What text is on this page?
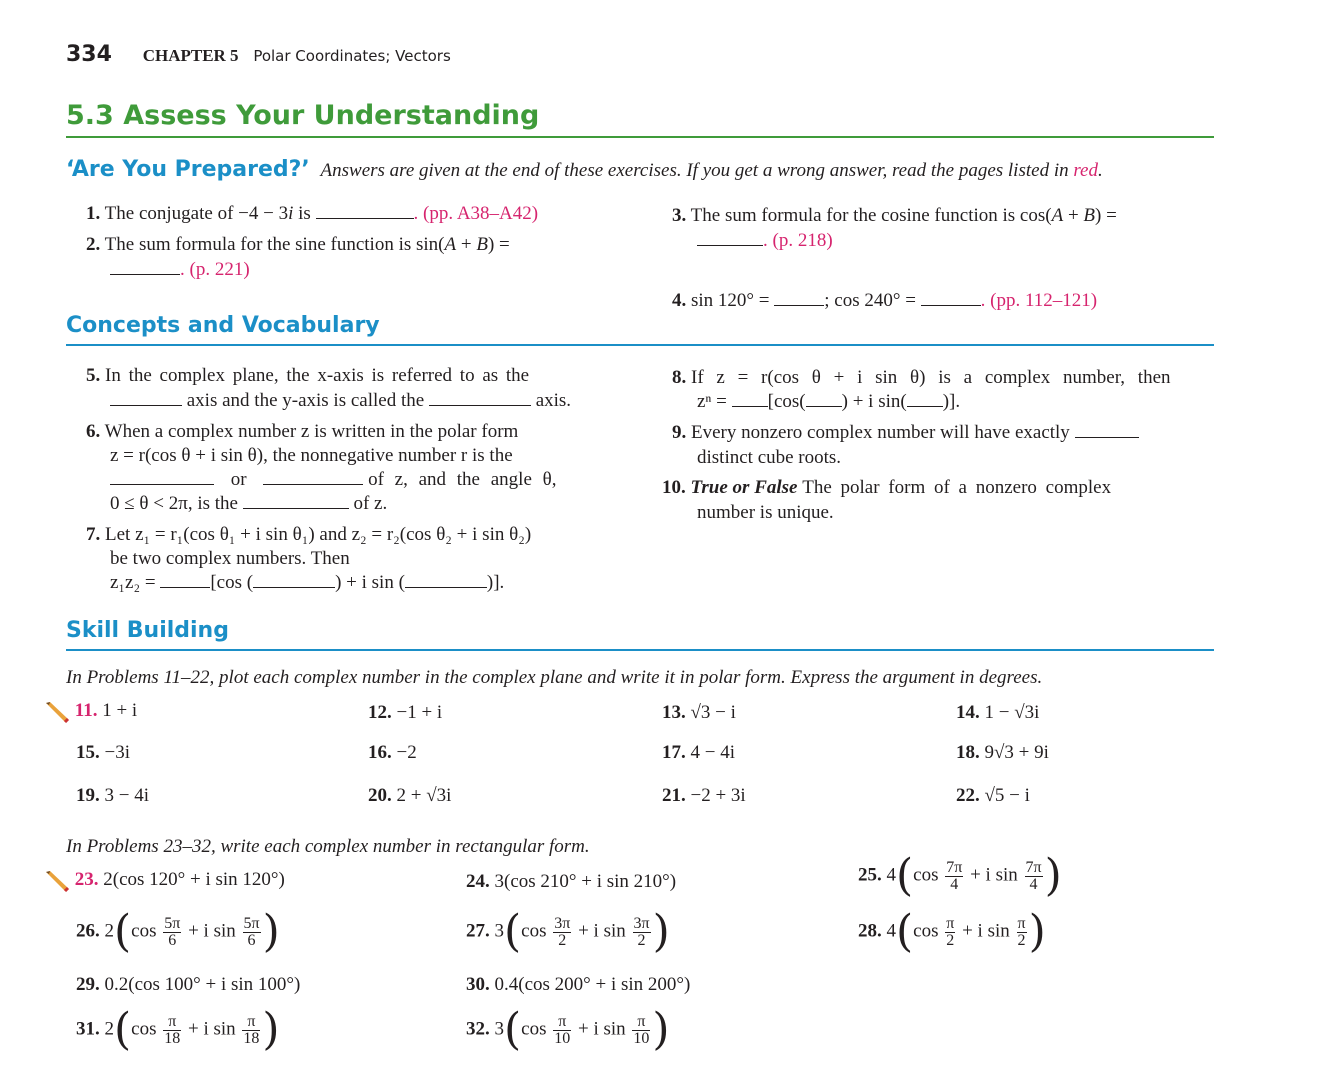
334 CHAPTER 5 Polar Coordinates; Vectors
5.3 Assess Your Understanding
‘Are You Prepared?’ Answers are given at the end of these exercises. If you get a wrong answer, read the pages listed in red.
1. The conjugate of −4 − 3i is	. (pp. A38–A42)
2. The sum formula for the sine function is sin(A + B) =
. (p. 221)
3. The sum formula for the cosine function is cos(A + B) =
. (p. 218)
4. sin 120° =	; cos 240° =	. (pp. 112–121)
Concepts and Vocabulary
5. In the complex plane, the x-axis is referred to as the
axis and the y-axis is called the	axis.
6. When a complex number z is written in the polar form
z = r(cos θ + i sin θ), the nonnegative number r is the
or	of z, and the angle θ,
0 ≤ θ < 2π, is the	of z.
7. Let z₁ = r₁(cos θ₁ + i sin θ₁) and z₂ = r₂(cos θ₂ + i sin θ₂)
be two complex numbers. Then
z₁z₂ =	[cos (	) + i sin (	)].
8. If z = r(cos θ + i sin θ) is a complex number, then
zⁿ = [cos( ) + i sin( )].
9. Every nonzero complex number will have exactly
distinct cube roots.
10. True or False The polar form of a nonzero complex
number is unique.
Skill Building
In Problems 11–22, plot each complex number in the complex plane and write it in polar form. Express the argument in degrees.
11. 1 + i	12. −1 + i	13. √3 − i	14. 1 − √3i
15. −3i	16. −2	17. 4 − 4i	18. 9√3 + 9i
19. 3 − 4i	20. 2 + √3i	21. −2 + 3i	22. √5 − i
In Problems 23–32, write each complex number in rectangular form.
23. 2(cos 120° + i sin 120°)	24. 3(cos 210° + i sin 210°)	25. $4(\cos \frac{7\pi}{4} + i$ $\sin \frac{7\pi}{4}$ )
26. $2(\cos \frac{5\pi}{6} + i$ $\sin \frac{5\pi}{6}$ )	27. $3(\cos \frac{3\pi}{2} + i$ $\sin \frac{3\pi}{2}$ )	28. $4(\cos \frac{\pi}{2} + i$ $\sin \frac{\pi}{2}$ )
29. 0.2(cos 100° + i sin 100°)	30. 0.4(cos 200° + i sin 200°)
31. $2(\cos \frac{\pi}{18} + i$ $\sin \frac{\pi}{18}$ )	32. $3(\cos \frac{\pi}{10} + i$ $\sin \frac{\pi}{10}$ )
